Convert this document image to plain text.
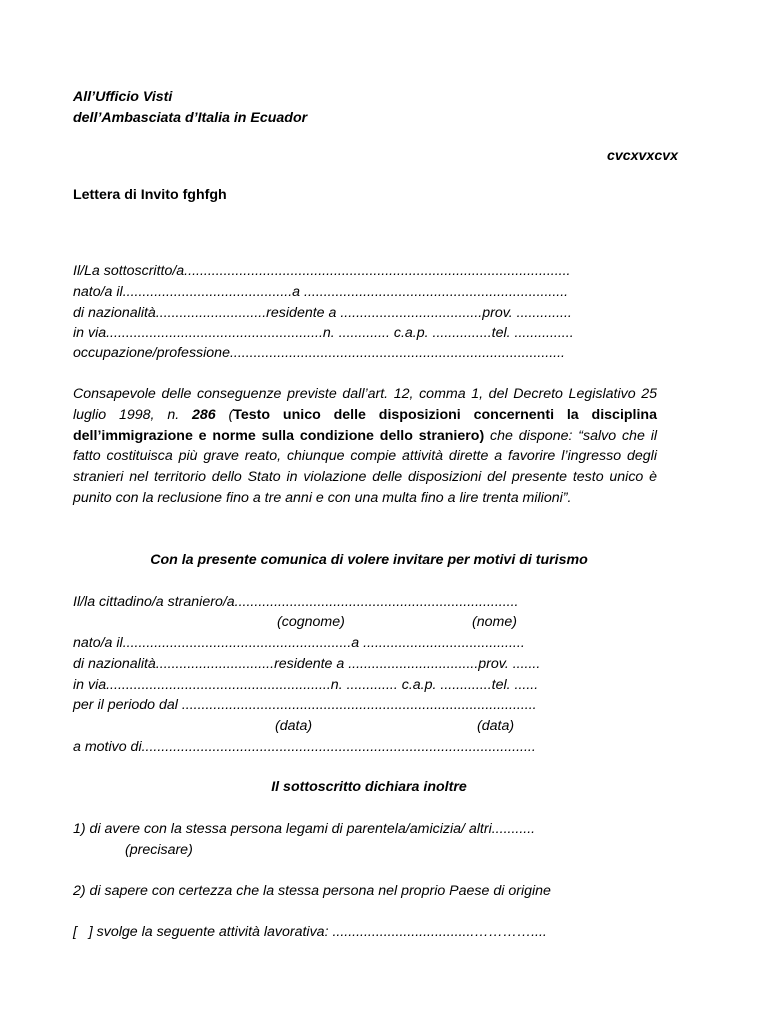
All’Ufficio Visti
dell’Ambasciata d’Italia in Ecuador
cvcxvxcvx
Lettera di Invito fghfgh
Il/La sottoscritto/a..................................................................................................
nato/a il...........................................a ...................................................................
di nazionalità............................residente a ....................................prov. ..............
in via.......................................................n. ............. c.a.p. ...............tel. ...............
occupazione/professione.....................................................................................
Consapevole delle conseguenze previste dall’art. 12, comma 1, del Decreto Legislativo 25 luglio 1998, n. 286 (Testo unico delle disposizioni concernenti la disciplina dell’immigrazione e norme sulla condizione dello straniero) che dispone: “salvo che il fatto costituisca più grave reato, chiunque compie attività dirette a favorire l’ingresso degli stranieri nel territorio dello Stato in violazione delle disposizioni del presente testo unico è punito con la reclusione fino a tre anni e con una multa fino a lire trenta milioni”.
Con la presente comunica di volere invitare per motivi di turismo
Il/la cittadino/a straniero/a........................................................................
(cognome)	(nome)
nato/a il..........................................................a .........................................
di nazionalità..............................residente a .................................prov. .......
in via.........................................................n. ............. c.a.p. .............tel. ......
per il periodo dal ..........................................................................................
(data)	(data)
a motivo di....................................................................................................
Il sottoscritto dichiara inoltre
1) di avere con la stessa persona legami di parentela/amicizia/ altri...........
(precisare)
2) di sapere con certezza che la stessa persona nel proprio Paese di origine
[   ] svolge la seguente attività lavorativa: ....................................…………....
